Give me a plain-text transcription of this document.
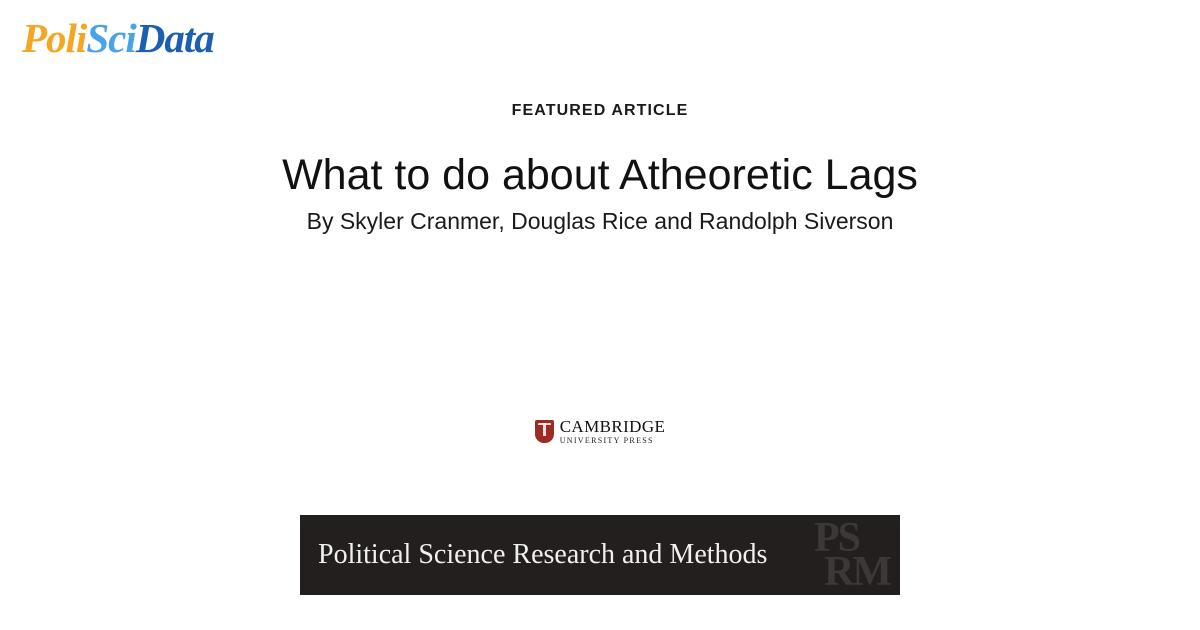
PoliSciData
FEATURED ARTICLE
What to do about Atheoretic Lags
By Skyler Cranmer, Douglas Rice and Randolph Siverson
CAMBRIDGE
UNIVERSITY PRESS
Political Science Research and Methods PS
RM
